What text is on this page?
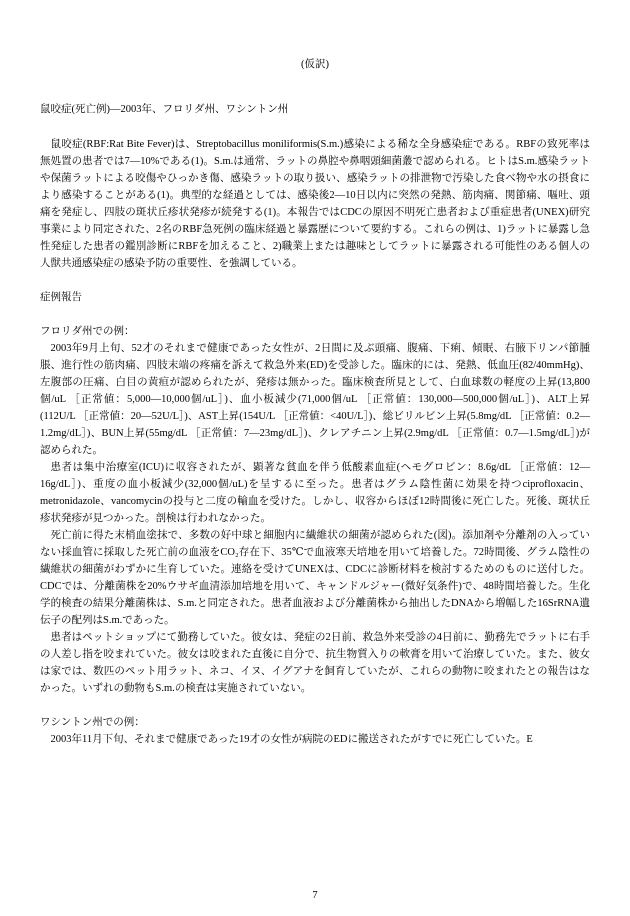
(仮訳)
鼠咬症(死亡例)—2003年、フロリダ州、ワシントン州

鼠咬症(RBF:Rat Bite Fever)は、Streptobacillus moniliformis(S.m.)感染による稀な全身感染症である。RBFの致死率は無処置の患者では7—10%である(1)。S.m.は通常、ラットの鼻腔や鼻咽頭細菌叢で認められる。ヒトはS.m.感染ラットや保菌ラットによる咬傷やひっかき傷、感染ラットの取り扱い、感染ラットの排泄物で汚染した食べ物や水の摂食により感染することがある(1)。典型的な経過としては、感染後2—10日以内に突然の発熱、筋肉痛、関節痛、嘔吐、頭痛を発症し、四肢の斑状丘疹状発疹が続発する(1)。本報告ではCDCの原因不明死亡患者および重症患者(UNEX)研究事業により同定された、2名のRBF急死例の臨床経過と暴露歴について要約する。これらの例は、1)ラットに暴露し急性発症した患者の鑑別診断にRBFを加えること、2)職業上または趣味としてラットに暴露される可能性のある個人の人獣共通感染症の感染予防の重要性、を強調している。

症例報告
フロリダ州での例：

2003年9月上旬、52才のそれまで健康であった女性が、2日間に及ぶ頭痛、腹痛、下痢、傾眠、右腋下リンパ節腫脹、進行性の筋肉痛、四肢末端の疼痛を訴えて救急外来(ED)を受診した。臨床的には、発熱、低血圧(82/40mmHg)、左腹部の圧痛、白目の黄疸が認められたが、発疹は無かった。臨床検査所見として、白血球数の軽度の上昇(13,800個/uL ［正常値：5,000—10,000個/uL］)、血小板減少(71,000個/uL ［正常値：130,000—500,000個/uL］)、ALT上昇(112U/L ［正常値：20—52U/L］)、AST上昇(154U/L ［正常値：<40U/L］)、総ビリルビン上昇(5.8mg/dL ［正常値：0.2—1.2mg/dL］)、BUN上昇(55mg/dL ［正常値：7—23mg/dL］)、クレアチニン上昇(2.9mg/dL ［正常値：0.7—1.5mg/dL］)が認められた。

患者は集中治療室(ICU)に収容されたが、顕著な貧血を伴う低酸素血症(ヘモグロビン：8.6g/dL ［正常値：12—16g/dL］)、重度の血小板減少(32,000個/uL)を呈するに至った。患者はグラム陰性菌に効果を持つciprofloxacin、metronidazole、vancomycinの投与と二度の輸血を受けた。しかし、収容からほぼ12時間後に死亡した。死後、斑状丘疹状発疹が見つかった。剖検は行われなかった。

死亡前に得た末梢血塗抹で、多数の好中球と細胞内に繊維状の細菌が認められた(図)。添加剤や分離剤の入っていない採血管に採取した死亡前の血液をCO₂存在下、35℃で血液寒天培地を用いて培養した。72時間後、グラム陰性の繊維状の細菌がわずかに生育していた。連絡を受けてUNEXは、CDCに診断材料を検討するためのものに送付した。CDCでは、分離菌株を20%ウサギ血清添加培地を用いて、キャンドルジャー(微好気条件)で、48時間培養した。生化学的検査の結果分離菌株は、S.m.と同定された。患者血液および分離菌株から抽出したDNAから増幅した16SrRNA遺伝子の配列はS.m.であった。

患者はペットショップにて勤務していた。彼女は、発症の2日前、救急外来受診の4日前に、勤務先でラットに右手の人差し指を咬まれていた。彼女は咬まれた直後に自分で、抗生物質入りの軟膏を用いて治療していた。また、彼女は家では、数匹のペット用ラット、ネコ、イヌ、イグアナを飼育していたが、これらの動物に咬まれたとの報告はなかった。いずれの動物もS.m.の検査は実施されていない。

ワシントン州での例：

2003年11月下旬、それまで健康であった19才の女性が病院のEDに搬送されたがすでに死亡していた。E

7
